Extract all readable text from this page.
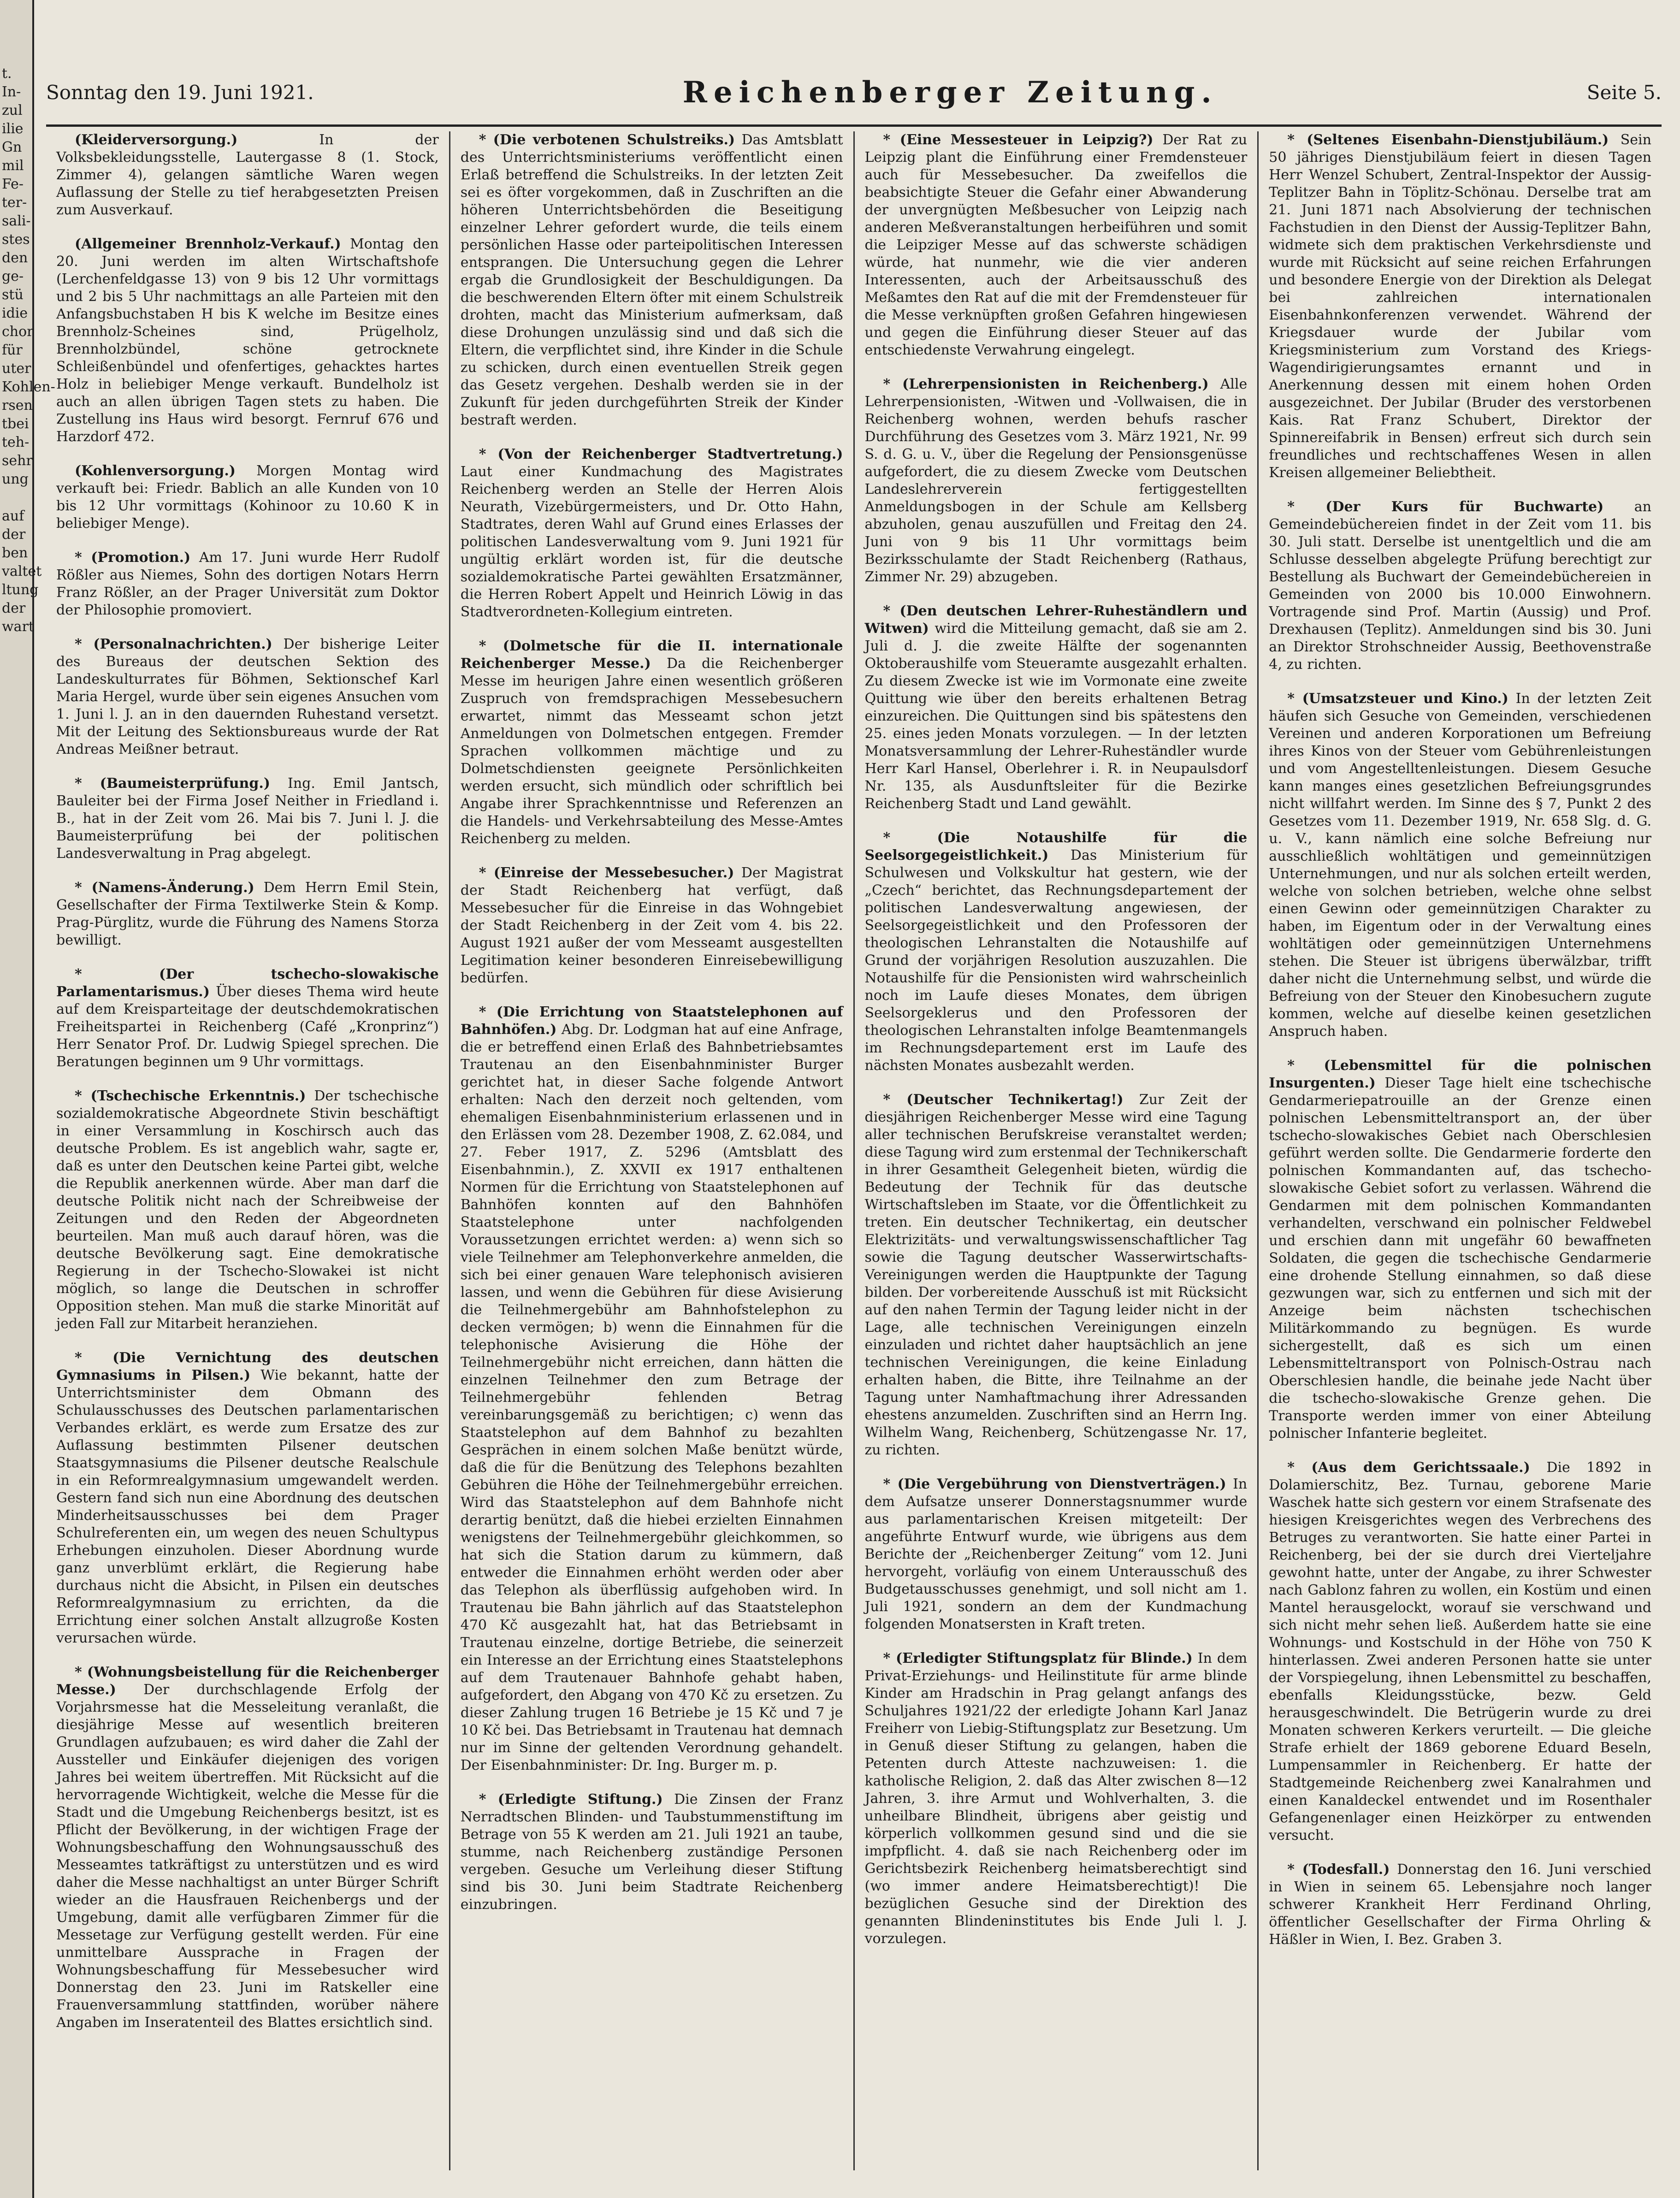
t.
In-
zul
ilie
Gn
mil
Fe-
ter-
sali-
stes
den
ge-
stü
idie
chor
für
uter
Kohlen-
rsen
tbei
teh-
sehr
ung

auf
der
ben
valtet
ltung
der
wart
Sonntag den 19. Juni 1921.	Reichenberger Zeitung.	Seite 5.

(Kleiderversorgung.)	In der Volksbekleidungsstelle, Lautergasse 8 (1. Stock, Zimmer 4), gelangen sämtliche Waren wegen Auflassung der Stelle zu tief herabgesetzten Preisen zum Ausverkauf.

(Allgemeiner Brennholz-Verkauf.) Montag den 20. Juni werden im alten Wirtschaftshofe (Lerchenfeldgasse 13) von 9 bis 12 Uhr vormittags und 2 bis 5 Uhr nachmittags an alle Parteien mit den Anfangsbuchstaben H bis K welche im Besitze eines Brennholz-Scheines sind, Prügelholz, Brennholzbündel, schöne getrocknete Schleißenbündel und ofenfertiges, gehacktes hartes Holz in beliebiger Menge verkauft. Bundelholz ist auch an allen übrigen Tagen stets zu haben. Die Zustellung ins Haus wird besorgt. Fernruf 676 und Harzdorf 472.

(Kohlenversorgung.) Morgen Montag wird verkauft bei: Friedr. Bablich an alle Kunden von 10 bis 12 Uhr vormittags (Kohinoor zu 10.60 K in beliebiger Menge).

* (Promotion.) Am 17. Juni wurde Herr Rudolf Rößler aus Niemes, Sohn des dortigen Notars Herrn Franz Rößler, an der Prager Universität zum Doktor der Philosophie promoviert.

* (Personalnachrichten.) Der bisherige Leiter des Bureaus der deutschen Sektion des Landeskulturrates für Böhmen, Sektionschef Karl Maria Hergel, wurde über sein eigenes Ansuchen vom 1. Juni l. J. an in den dauernden Ruhestand versetzt. Mit der Leitung des Sektionsbureaus wurde der Rat Andreas Meißner betraut.

* (Baumeisterprüfung.) Ing. Emil Jantsch, Bauleiter bei der Firma Josef Neither in Friedland i. B., hat in der Zeit vom 26. Mai bis 7. Juni l. J. die Baumeisterprüfung bei der politischen Landesverwaltung in Prag abgelegt.

* (Namens-Änderung.) Dem Herrn Emil Stein, Gesellschafter der Firma Textilwerke Stein & Komp. Prag-Pürglitz, wurde die Führung des Namens Storza bewilligt.

* (Der tschecho-slowakische Parlamentarismus.) Über dieses Thema wird heute auf dem Kreisparteitage der deutschdemokratischen Freiheitspartei in Reichenberg (Café „Kronprinz“) Herr Senator Prof. Dr. Ludwig Spiegel sprechen. Die Beratungen beginnen um 9 Uhr vormittags.

* (Tschechische Erkenntnis.) Der tschechische sozialdemokratische Abgeordnete Stivin beschäftigt in einer Versammlung in Koschirsch auch das deutsche Problem. Es ist angeblich wahr, sagte er, daß es unter den Deutschen keine Partei gibt, welche die Republik anerkennen würde. Aber man darf die deutsche Politik nicht nach der Schreibweise der Zeitungen und den Reden der Abgeordneten beurteilen. Man muß auch darauf hören, was die deutsche Bevölkerung sagt. Eine demokratische Regierung in der Tschecho-Slowakei ist nicht möglich, so lange die Deutschen in schroffer Opposition stehen. Man muß die starke Minorität auf jeden Fall zur Mitarbeit heranziehen.

* (Die Vernichtung des deutschen Gymnasiums in Pilsen.) Wie bekannt, hatte der Unterrichtsminister dem Obmann des Schulausschusses des Deutschen parlamentarischen Verbandes erklärt, es werde zum Ersatze des zur Auflassung bestimmten Pilsener deutschen Staatsgymnasiums die Pilsener deutsche Realschule in ein Reformrealgymnasium umgewandelt werden. Gestern fand sich nun eine Abordnung des deutschen Minderheitsausschusses bei dem Prager Schulreferenten ein, um wegen des neuen Schultypus Erhebungen einzuholen. Dieser Abordnung wurde ganz unverblümt erklärt, die Regierung habe durchaus nicht die Absicht, in Pilsen ein deutsches Reformrealgymnasium zu errichten, da die Errichtung einer solchen Anstalt allzugroße Kosten verursachen würde.

* (Wohnungsbeistellung für die Reichenberger Messe.) Der durchschlagende Erfolg der Vorjahrsmesse hat die Messeleitung veranlaßt, die diesjährige Messe auf wesentlich breiteren Grundlagen aufzubauen; es wird daher die Zahl der Aussteller und Einkäufer diejenigen des vorigen Jahres bei weitem übertreffen. Mit Rücksicht auf die hervorragende Wichtigkeit, welche die Messe für die Stadt und die Umgebung Reichenbergs besitzt, ist es Pflicht der Bevölkerung, in der wichtigen Frage der Wohnungsbeschaffung den Wohnungsausschuß des Messeamtes tatkräftigst zu unterstützen und es wird daher die Messe nachhaltigst an unter Bürger Schrift wieder an die Hausfrauen Reichenbergs und der Umgebung, damit alle verfügbaren Zimmer für die Messetage zur Verfügung gestellt werden. Für eine unmittelbare Aussprache in Fragen der Wohnungsbeschaffung für Messebesucher wird Donnerstag den 23. Juni im Ratskeller eine Frauenversammlung stattfinden, worüber nähere Angaben im Inseratenteil des Blattes ersichtlich sind.

* (Die verbotenen Schulstreiks.) Das Amtsblatt des Unterrichtsministeriums veröffentlicht einen Erlaß betreffend die Schulstreiks. In der letzten Zeit sei es öfter vorgekommen, daß in Zuschriften an die höheren Unterrichtsbehörden die Beseitigung einzelner Lehrer gefordert wurde, die teils einem persönlichen Hasse oder parteipolitischen Interessen entsprangen. Die Untersuchung gegen die Lehrer ergab die Grundlosigkeit der Beschuldigungen. Da die beschwerenden Eltern öfter mit einem Schulstreik drohten, macht das Ministerium aufmerksam, daß diese Drohungen unzulässig sind und daß sich die Eltern, die verpflichtet sind, ihre Kinder in die Schule zu schicken, durch einen eventuellen Streik gegen das Gesetz vergehen. Deshalb werden sie in der Zukunft für jeden durchgeführten Streik der Kinder bestraft werden.

* (Von der Reichenberger Stadtvertretung.) Laut einer Kundmachung des Magistrates Reichenberg werden an Stelle der Herren Alois Neurath, Vizebürgermeisters, und Dr. Otto Hahn, Stadtrates, deren Wahl auf Grund eines Erlasses der politischen Landesverwaltung vom 9. Juni 1921 für ungültig erklärt worden ist, für die deutsche sozialdemokratische Partei gewählten Ersatzmänner, die Herren Robert Appelt und Heinrich Löwig in das Stadtverordneten-Kollegium eintreten.

* (Dolmetsche für die II. internationale Reichenberger Messe.) Da die Reichenberger Messe im heurigen Jahre einen wesentlich größeren Zuspruch von fremdsprachigen Messebesuchern erwartet, nimmt das Messeamt schon jetzt Anmeldungen von Dolmetschen entgegen. Fremder Sprachen vollkommen mächtige und zu Dolmetschdiensten geeignete Persönlichkeiten werden ersucht, sich mündlich oder schriftlich bei Angabe ihrer Sprachkenntnisse und Referenzen an die Handels- und Verkehrsabteilung des Messe-Amtes Reichenberg zu melden.

* (Einreise der Messebesucher.) Der Magistrat der Stadt Reichenberg hat verfügt, daß Messebesucher für die Einreise in das Wohngebiet der Stadt Reichenberg in der Zeit vom 4. bis 22. August 1921 außer der vom Messeamt ausgestellten Legitimation keiner besonderen Einreisebewilligung bedürfen.

* (Die Errichtung von Staatstelephonen auf Bahnhöfen.) Abg. Dr. Lodgman hat auf eine Anfrage, die er betreffend einen Erlaß des Bahnbetriebsamtes Trautenau an den Eisenbahnminister Burger gerichtet hat, in dieser Sache folgende Antwort erhalten: Nach den derzeit noch geltenden, vom ehemaligen Eisenbahnministerium erlassenen und in den Erlässen vom 28. Dezember 1908, Z. 62.084, und 27. Feber 1917, Z. 5296 (Amtsblatt des Eisenbahnmin.), Z. XXVII ex 1917 enthaltenen Normen für die Errichtung von Staatstelephonen auf Bahnhöfen konnten auf den Bahnhöfen Staatstelephone unter nachfolgenden Voraussetzungen errichtet werden: a) wenn sich so viele Teilnehmer am Telephonverkehre anmelden, die sich bei einer genauen Ware telephonisch avisieren lassen, und wenn die Gebühren für diese Avisierung die Teilnehmergebühr am Bahnhofstelephon zu decken vermögen; b) wenn die Einnahmen für die telephonische Avisierung die Höhe der Teilnehmergebühr nicht erreichen, dann hätten die einzelnen Teilnehmer den zum Betrage der Teilnehmergebühr fehlenden Betrag vereinbarungsgemäß zu berichtigen; c) wenn das Staatstelephon auf dem Bahnhof zu bezahlten Gesprächen in einem solchen Maße benützt würde, daß die für die Benützung des Telephons bezahlten Gebühren die Höhe der Teilnehmergebühr erreichen. Wird das Staatstelephon auf dem Bahnhofe nicht derartig benützt, daß die hiebei erzielten Einnahmen wenigstens der Teilnehmergebühr gleichkommen, so hat sich die Station darum zu kümmern, daß entweder die Einnahmen erhöht werden oder aber das Telephon als überflüssig aufgehoben wird. In Trautenau bie Bahn jährlich auf das Staatstelephon 470 Kč ausgezahlt hat, hat das Betriebsamt in Trautenau einzelne, dortige Betriebe, die seinerzeit ein Interesse an der Errichtung eines Staatstelephons auf dem Trautenauer Bahnhofe gehabt haben, aufgefordert, den Abgang von 470 Kč zu ersetzen. Zu dieser Zahlung trugen 16 Betriebe je 15 Kč und 7 je 10 Kč bei. Das Betriebsamt in Trautenau hat demnach nur im Sinne der geltenden Verordnung gehandelt. Der Eisenbahnminister: Dr. Ing. Burger m. p.

* (Erledigte Stiftung.) Die Zinsen der Franz Nerradtschen Blinden- und Taubstummenstiftung im Betrage von 55 K werden am 21. Juli 1921 an taube, stumme, nach Reichenberg zuständige Personen vergeben. Gesuche um Verleihung dieser Stiftung sind bis 30. Juni beim Stadtrate Reichenberg einzubringen.

* (Eine Messesteuer in Leipzig?) Der Rat zu Leipzig plant die Einführung einer Fremdensteuer auch für Messebesucher. Da zweifellos die beabsichtigte Steuer die Gefahr einer Abwanderung der unvergnügten Meßbesucher von Leipzig nach anderen Meßveranstaltungen herbeiführen und somit die Leipziger Messe auf das schwerste schädigen würde, hat nunmehr, wie die vier anderen Interessenten, auch der Arbeitsausschuß des Meßamtes den Rat auf die mit der Fremdensteuer für die Messe verknüpften großen Gefahren hingewiesen und gegen die Einführung dieser Steuer auf das entschiedenste Verwahrung eingelegt.

* (Lehrerpensionisten in Reichenberg.) Alle Lehrerpensionisten, -Witwen und -Vollwaisen, die in Reichenberg wohnen, werden behufs rascher Durchführung des Gesetzes vom 3. März 1921, Nr. 99 S. d. G. u. V., über die Regelung der Pensionsgenüsse aufgefordert, die zu diesem Zwecke vom Deutschen Landeslehrerverein fertiggestellten Anmeldungsbogen in der Schule am Kellsberg abzuholen, genau auszufüllen und Freitag den 24. Juni von 9 bis 11 Uhr vormittags beim Bezirksschulamte der Stadt Reichenberg (Rathaus, Zimmer Nr. 29) abzugeben.

* (Den deutschen Lehrer-Ruheständlern und Witwen) wird die Mitteilung gemacht, daß sie am 2. Juli d. J. die zweite Hälfte der sogenannten Oktoberaushilfe vom Steueramte ausgezahlt erhalten. Zu diesem Zwecke ist wie im Vormonate eine zweite Quittung wie über den bereits erhaltenen Betrag einzureichen. Die Quittungen sind bis spätestens den 25. eines jeden Monats vorzulegen. — In der letzten Monatsversammlung der Lehrer-Ruheständler wurde Herr Karl Hansel, Oberlehrer i. R. in Neupaulsdorf Nr. 135, als Ausdunftsleiter für die Bezirke Reichenberg Stadt und Land gewählt.

* (Die Notaushilfe für die Seelsorgegeistlichkeit.) Das Ministerium für Schulwesen und Volkskultur hat gestern, wie der „Czech“ berichtet, das Rechnungsdepartement der politischen Landesverwaltung angewiesen, der Seelsorgegeistlichkeit und den Professoren der theologischen Lehranstalten die Notaushilfe auf Grund der vorjährigen Resolution auszuzahlen. Die Notaushilfe für die Pensionisten wird wahrscheinlich noch im Laufe dieses Monates, dem übrigen Seelsorgeklerus und den Professoren der theologischen Lehranstalten infolge Beamtenmangels im Rechnungsdepartement erst im Laufe des nächsten Monates ausbezahlt werden.

* (Deutscher Technikertag!) Zur Zeit der diesjährigen Reichenberger Messe wird eine Tagung aller technischen Berufskreise veranstaltet werden; diese Tagung wird zum erstenmal der Technikerschaft in ihrer Gesamtheit Gelegenheit bieten, würdig die Bedeutung der Technik für das deutsche Wirtschaftsleben im Staate, vor die Öffentlichkeit zu treten. Ein deutscher Technikertag, ein deutscher Elektrizitäts- und verwaltungswissenschaftlicher Tag sowie die Tagung deutscher Wasserwirtschafts-Vereinigungen werden die Hauptpunkte der Tagung bilden. Der vorbereitende Ausschuß ist mit Rücksicht auf den nahen Termin der Tagung leider nicht in der Lage, alle technischen Vereinigungen einzeln einzuladen und richtet daher hauptsächlich an jene technischen Vereinigungen, die keine Einladung erhalten haben, die Bitte, ihre Teilnahme an der Tagung unter Namhaftmachung ihrer Adressanden ehestens anzumelden. Zuschriften sind an Herrn Ing. Wilhelm Wang, Reichenberg, Schützengasse Nr. 17, zu richten.

* (Die Vergebührung von Dienstverträgen.) In dem Aufsatze unserer Donnerstagsnummer wurde aus parlamentarischen Kreisen mitgeteilt: Der angeführte Entwurf wurde, wie übrigens aus dem Berichte der „Reichenberger Zeitung“ vom 12. Juni hervorgeht, vorläufig von einem Unterausschuß des Budgetausschusses genehmigt, und soll nicht am 1. Juli 1921, sondern an dem der Kundmachung folgenden Monatsersten in Kraft treten.

* (Erledigter Stiftungsplatz für Blinde.) In dem Privat-Erziehungs- und Heilinstitute für arme blinde Kinder am Hradschin in Prag gelangt anfangs des Schuljahres 1921/22 der erledigte Johann Karl Janaz Freiherr von Liebig-Stiftungsplatz zur Besetzung. Um in Genuß dieser Stiftung zu gelangen, haben die Petenten durch Atteste nachzuweisen: 1. die katholische Religion, 2. daß das Alter zwischen 8—12 Jahren, 3. ihre Armut und Wohlverhalten, 3. die unheilbare Blindheit, übrigens aber geistig und körperlich vollkommen gesund sind und die sie impfpflicht. 4. daß sie nach Reichenberg oder im Gerichtsbezirk Reichenberg heimatsberechtigt sind (wo immer andere Heimatsberechtigt)! Die bezüglichen Gesuche sind der Direktion des genannten Blindeninstitutes bis Ende Juli l. J. vorzulegen.

* (Seltenes Eisenbahn-Dienstjubiläum.) Sein 50 jähriges Dienstjubiläum feiert in diesen Tagen Herr Wenzel Schubert, Zentral-Inspektor der Aussig-Teplitzer Bahn in Töplitz-Schönau. Derselbe trat am 21. Juni 1871 nach Absolvierung der technischen Fachstudien in den Dienst der Aussig-Teplitzer Bahn, widmete sich dem praktischen Verkehrsdienste und wurde mit Rücksicht auf seine reichen Erfahrungen und besondere Energie von der Direktion als Delegat bei zahlreichen internationalen Eisenbahnkonferenzen verwendet. Während der Kriegsdauer wurde der Jubilar vom Kriegsministerium zum Vorstand des Kriegs-Wagendirigierungsamtes ernannt und in Anerkennung dessen mit einem hohen Orden ausgezeichnet. Der Jubilar (Bruder des verstorbenen Kais. Rat Franz Schubert, Direktor der Spinnereifabrik in Bensen) erfreut sich durch sein freundliches und rechtschaffenes Wesen in allen Kreisen allgemeiner Beliebtheit.

* (Der Kurs für Buchwarte) an Gemeindebüchereien findet in der Zeit vom 11. bis 30. Juli statt. Derselbe ist unentgeltlich und die am Schlusse desselben abgelegte Prüfung berechtigt zur Bestellung als Buchwart der Gemeindebüchereien in Gemeinden von 2000 bis 10.000 Einwohnern. Vortragende sind Prof. Martin (Aussig) und Prof. Drexhausen (Teplitz). Anmeldungen sind bis 30. Juni an Direktor Strohschneider Aussig, Beethovenstraße 4, zu richten.

* (Umsatzsteuer und Kino.) In der letzten Zeit häufen sich Gesuche von Gemeinden, verschiedenen Vereinen und anderen Korporationen um Befreiung ihres Kinos von der Steuer vom Gebührenleistungen und vom Angestelltenleistungen. Diesem Gesuche kann manges eines gesetzlichen Befreiungsgrundes nicht willfahrt werden. Im Sinne des § 7, Punkt 2 des Gesetzes vom 11. Dezember 1919, Nr. 658 Slg. d. G. u. V., kann nämlich eine solche Befreiung nur ausschließlich wohltätigen und gemeinnützigen Unternehmungen, und nur als solchen erteilt werden, welche von solchen betrieben, welche ohne selbst einen Gewinn oder gemeinnützigen Charakter zu haben, im Eigentum oder in der Verwaltung eines wohltätigen oder gemeinnützigen Unternehmens stehen. Die Steuer ist übrigens überwälzbar, trifft daher nicht die Unternehmung selbst, und würde die Befreiung von der Steuer den Kinobesuchern zugute kommen, welche auf dieselbe keinen gesetzlichen Anspruch haben.

* (Lebensmittel für die polnischen Insurgenten.) Dieser Tage hielt eine tschechische Gendarmeriepatrouille an der Grenze einen polnischen Lebensmitteltransport an, der über tschecho-slowakisches Gebiet nach Oberschlesien geführt werden sollte. Die Gendarmerie forderte den polnischen Kommandanten auf, das tschecho-slowakische Gebiet sofort zu verlassen. Während die Gendarmen mit dem polnischen Kommandanten verhandelten, verschwand ein polnischer Feldwebel und erschien dann mit ungefähr 60 bewaffneten Soldaten, die gegen die tschechische Gendarmerie eine drohende Stellung einnahmen, so daß diese gezwungen war, sich zu entfernen und sich mit der Anzeige beim nächsten tschechischen Militärkommando zu begnügen. Es wurde sichergestellt, daß es sich um einen Lebensmitteltransport von Polnisch-Ostrau nach Oberschlesien handle, die beinahe jede Nacht über die tschecho-slowakische Grenze gehen. Die Transporte werden immer von einer Abteilung polnischer Infanterie begleitet.

* (Aus dem Gerichtssaale.) Die 1892 in Dolamierschitz, Bez. Turnau, geborene Marie Waschek hatte sich gestern vor einem Strafsenate des hiesigen Kreisgerichtes wegen des Verbrechens des Betruges zu verantworten. Sie hatte einer Partei in Reichenberg, bei der sie durch drei Vierteljahre gewohnt hatte, unter der Angabe, zu ihrer Schwester nach Gablonz fahren zu wollen, ein Kostüm und einen Mantel herausgelockt, worauf sie verschwand und sich nicht mehr sehen ließ. Außerdem hatte sie eine Wohnungs- und Kostschuld in der Höhe von 750 K hinterlassen. Zwei anderen Personen hatte sie unter der Vorspiegelung, ihnen Lebensmittel zu beschaffen, ebenfalls Kleidungsstücke, bezw. Geld herausgeschwindelt. Die Betrügerin wurde zu drei Monaten schweren Kerkers verurteilt. — Die gleiche Strafe erhielt der 1869 geborene Eduard Beseln, Lumpensammler in Reichenberg. Er hatte der Stadtgemeinde Reichenberg zwei Kanalrahmen und einen Kanaldeckel entwendet und im Rosenthaler Gefangenenlager einen Heizkörper zu entwenden versucht.

* (Todesfall.) Donnerstag den 16. Juni verschied in Wien in seinem 65. Lebensjahre noch langer schwerer Krankheit Herr Ferdinand Ohrling, öffentlicher Gesellschafter der Firma Ohrling & Häßler in Wien, I. Bez. Graben 3.
